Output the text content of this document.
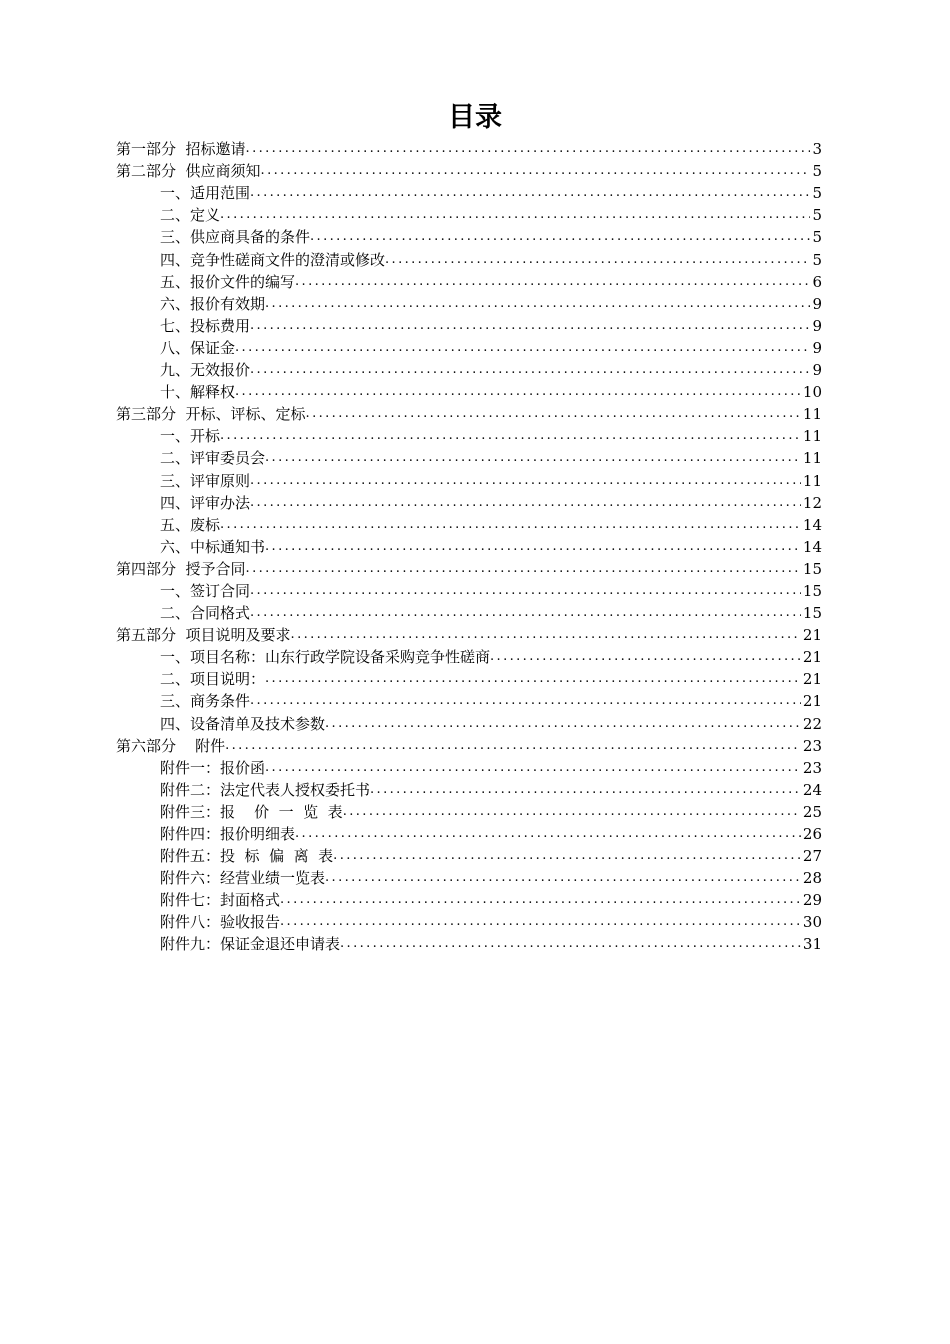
目录
第一部分  招标邀请 .....	3
第二部分  供应商须知 .....	5
一、适用范围 .....	5
二、定义 .....	5
三、供应商具备的条件 .....	5
四、竞争性磋商文件的澄清或修改 .....	5
五、报价文件的编写 .....	6
六、报价有效期 .....	9
七、投标费用 .....	9
八、保证金 .....	9
九、无效报价 .....	9
十、解释权 .....	10
第三部分  开标、评标、定标 .....	11
一、开标 .....	11
二、评审委员会 .....	11
三、评审原则 .....	11
四、评审办法 .....	12
五、废标 .....	14
六、中标通知书 .....	14
第四部分  授予合同 .....	15
一、签订合同 .....	15
二、合同格式 .....	15
第五部分  项目说明及要求 .....	21
一、项目名称：山东行政学院设备采购竞争性磋商 .....	21
二、项目说明： .....	21
三、商务条件 .....	21
四、设备清单及技术参数 .....	22
第六部分    附件 .....	23
附件一：报价函 .....	23
附件二：法定代表人授权委托书 .....	24
附件三：报    价  一  览  表 .....	25
附件四：报价明细表 .....	26
附件五：投  标  偏  离  表 .....	27
附件六：经营业绩一览表 .....	28
附件七：封面格式 .....	29
附件八：验收报告 .....	30
附件九：保证金退还申请表 .....	31
